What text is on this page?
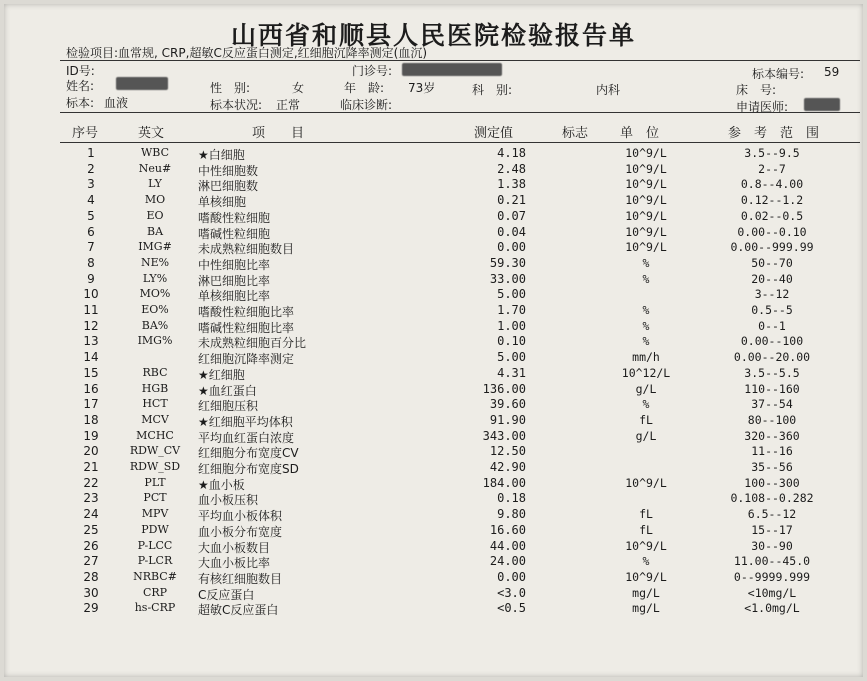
山西省和顺县人民医院检验报告单
检验项目:血常规, CRP,超敏C反应蛋白测定,红细胞沉降率测定(血沉)
ID号:	门诊号:	标本编号: 59
姓名:	性　别:	女	年　龄: 73岁	科　别:	内科	床　号:
标本: 血液	标本状况: 正常	临床诊断:	申请医师:
序号	英文	项　　目	测定值	标志 单　位	参　考　范　围
1	WBC	★白细胞	4.18	10^9/L	3.5--9.5
2	Neu#	中性细胞数	2.48	10^9/L	2--7
3	LY	淋巴细胞数	1.38	10^9/L	0.8--4.00
4	MO	单核细胞	0.21	10^9/L	0.12--1.2
5	EO	嗜酸性粒细胞	0.07	10^9/L	0.02--0.5
6	BA	嗜碱性粒细胞	0.04	10^9/L	0.00--0.10
7	IMG#	未成熟粒细胞数目	0.00	10^9/L	0.00--999.99
8	NE%	中性细胞比率	59.30	%	50--70
9	LY%	淋巴细胞比率	33.00	%	20--40
10	MO%	单核细胞比率	5.00	3--12
11	EO%	嗜酸性粒细胞比率	1.70	%	0.5--5
12	BA%	嗜碱性粒细胞比率	1.00	%	0--1
13	IMG%	未成熟粒细胞百分比	0.10	%	0.00--100
14	红细胞沉降率测定	5.00	mm/h	0.00--20.00
15	RBC	★红细胞	4.31	10^12/L	3.5--5.5
16	HGB	★血红蛋白	136.00	g/L	110--160
17	HCT	红细胞压积	39.60	%	37--54
18	MCV	★红细胞平均体积	91.90	fL	80--100
19	MCHC	平均血红蛋白浓度	343.00	g/L	320--360
20	RDW_CV	红细胞分布宽度CV	12.50	11--16
21	RDW_SD	红细胞分布宽度SD	42.90	35--56
22	PLT	★血小板	184.00	10^9/L	100--300
23	PCT	血小板压积	0.18	0.108--0.282
24	MPV	平均血小板体积	9.80	fL	6.5--12
25	PDW	血小板分布宽度	16.60	fL	15--17
26	P-LCC	大血小板数目	44.00	10^9/L	30--90
27	P-LCR	大血小板比率	24.00	%	11.00--45.0
28	NRBC#	有核红细胞数目	0.00	10^9/L	0--9999.999
30	CRP	C反应蛋白	<3.0	mg/L	<10mg/L
29	hs-CRP	超敏C反应蛋白	<0.5	mg/L	<1.0mg/L
